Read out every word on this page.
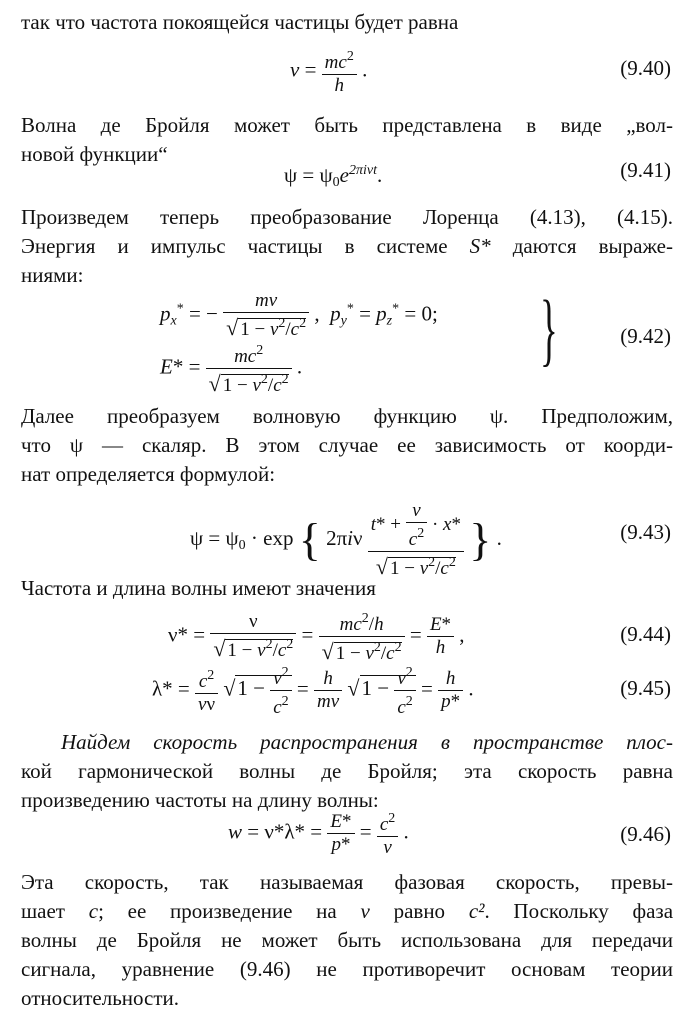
так что частота покоящейся частицы будет равна
$\nu = \frac{mc^2}{h}$ .	(9.40)
Волна де Бройля может быть представлена в виде „вол-
новой функции“
$\psi = \psi_0e^{2\pi i\nu t}$.	(9.41)
Произведем теперь преобразование Лоренца (4.13), (4.15).
Энергия и импульс частицы в системе S* даются выраже-
ниями:
$p_x^*$ = − $\frac{mv}{√ 1 - v^2/c^2}$ ,  $p_y^* = p_z^* = 0$;
$E* = \frac{mc^2}{√ 1 - v^2/c^2}$ .	}	(9.42)
Далее преобразуем волновую функцию ψ. Предположим,
что ψ — скаляр. В этом случае ее зависимость от коорди-
нат определяется формулой:
$\psi = \psi_0 \cdot \exp$ { $2\pi i\nu \frac{t* + \frac{v}{c^2} \cdot x*}{√ 1 - v^2/c^2}$ } .	(9.43)
Частота и длина волны имеют значения
$\nu* = \frac{\nu}{√ 1 - v^2/c^2} = \frac{mc^2/h}{√ 1 - v^2/c^2} = \frac{E*}{h}$ ,	(9.44)
$\lambda* = \frac{c^2}{v\nu} √1 - \frac{v^2}{c^2} = \frac{h}{mv} √1 - \frac{v^2}{c^2} = \frac{h}{p*}$ .	(9.45)
Найдем скорость распространения в пространстве плос-
кой гармонической волны де Бройля; эта скорость равна
произведению частоты на длину волны:
$w = \nu*\lambda* = \frac{E*}{p*} = \frac{c^2}{v}$ .	(9.46)
Эта скорость, так называемая фазовая скорость, превы-
шает c; ее произведение на v равно c². Поскольку фаза
волны де Бройля не может быть использована для передачи
сигнала, уравнение (9.46) не противоречит основам теории
относительности.
